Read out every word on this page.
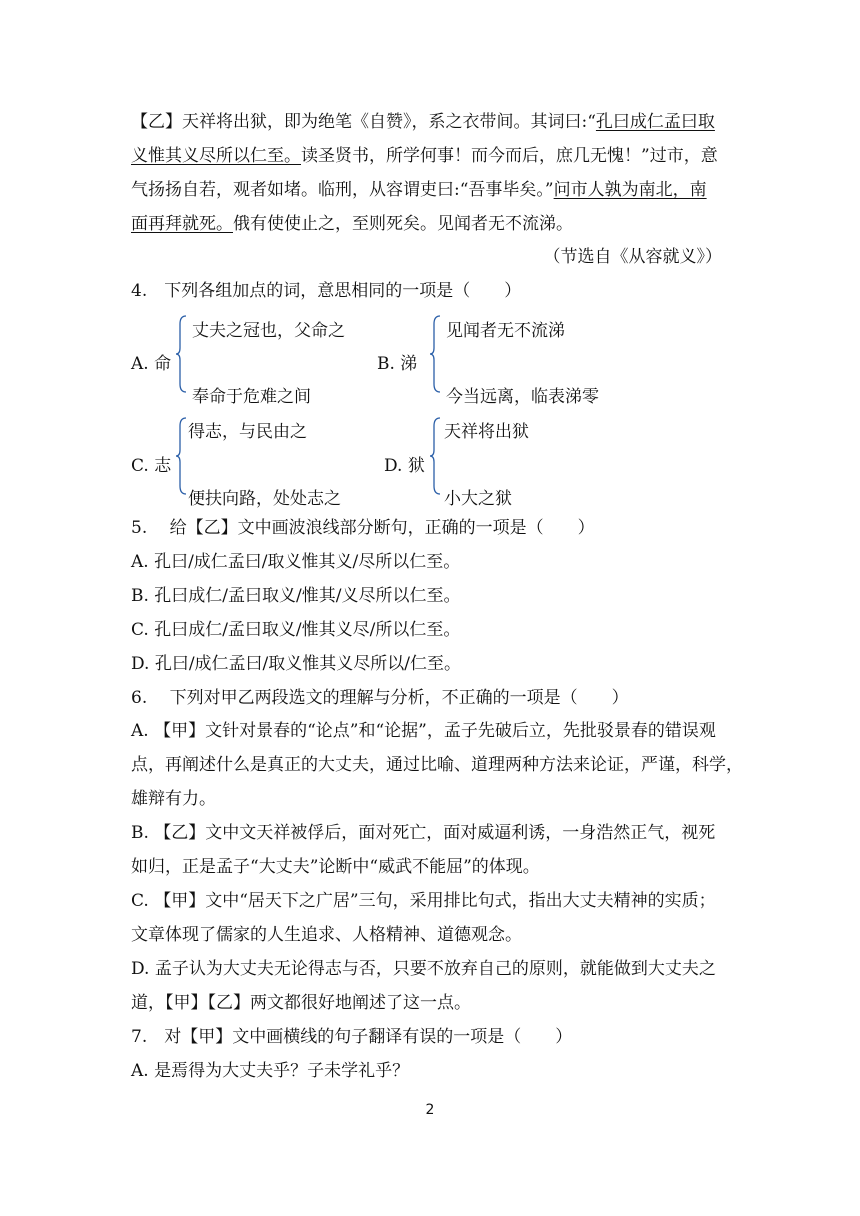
【乙】天祥将出狱，即为绝笔《自赞》，系之衣带间。其词曰:“孔曰成仁孟曰取
义惟其义尽所以仁至。读圣贤书，所学何事！而今而后，庶几无愧！”过市，意
气扬扬自若，观者如堵。临刑，从容谓吏曰:“吾事毕矣。”问市人孰为南北，南
面再拜就死。俄有使使止之，至则死矣。见闻者无不流涕。
（节选自《从容就义》）
4.　下列各组加点的词，意思相同的一项是（　　）
A. 命
丈夫之冠也，父命之
奉命于危难之间
B. 涕
见闻者无不流涕
今当远离，临表涕零
C. 志
得志，与民由之
便扶向路，处处志之
D. 狱
天祥将出狱
小大之狱
5.　 给【乙】文中画波浪线部分断句，正确的一项是（　　）
A. 孔曰/成仁孟曰/取义惟其义/尽所以仁至。
B. 孔曰成仁/孟曰取义/惟其/义尽所以仁至。
C. 孔曰成仁/孟曰取义/惟其义尽/所以仁至。
D. 孔曰/成仁孟曰/取义惟其义尽所以/仁至。
6.　 下列对甲乙两段选文的理解与分析，不正确的一项是（　　）
A. 【甲】文针对景春的“论点”和“论据”，孟子先破后立，先批驳景春的错误观
点，再阐述什么是真正的大丈夫，通过比喻、道理两种方法来论证，严谨，科学，
雄辩有力。
B. 【乙】文中文天祥被俘后，面对死亡，面对威逼利诱，一身浩然正气，视死
如归，正是孟子“大丈夫”论断中“威武不能屈”的体现。
C. 【甲】文中“居天下之广居”三句，采用排比句式，指出大丈夫精神的实质；
文章体现了儒家的人生追求、人格精神、道德观念。
D. 孟子认为大丈夫无论得志与否，只要不放弃自己的原则，就能做到大丈夫之
道，【甲】【乙】两文都很好地阐述了这一点。
7.　对【甲】文中画横线的句子翻译有误的一项是（　　）
A. 是焉得为大丈夫乎？子未学礼乎？
2
